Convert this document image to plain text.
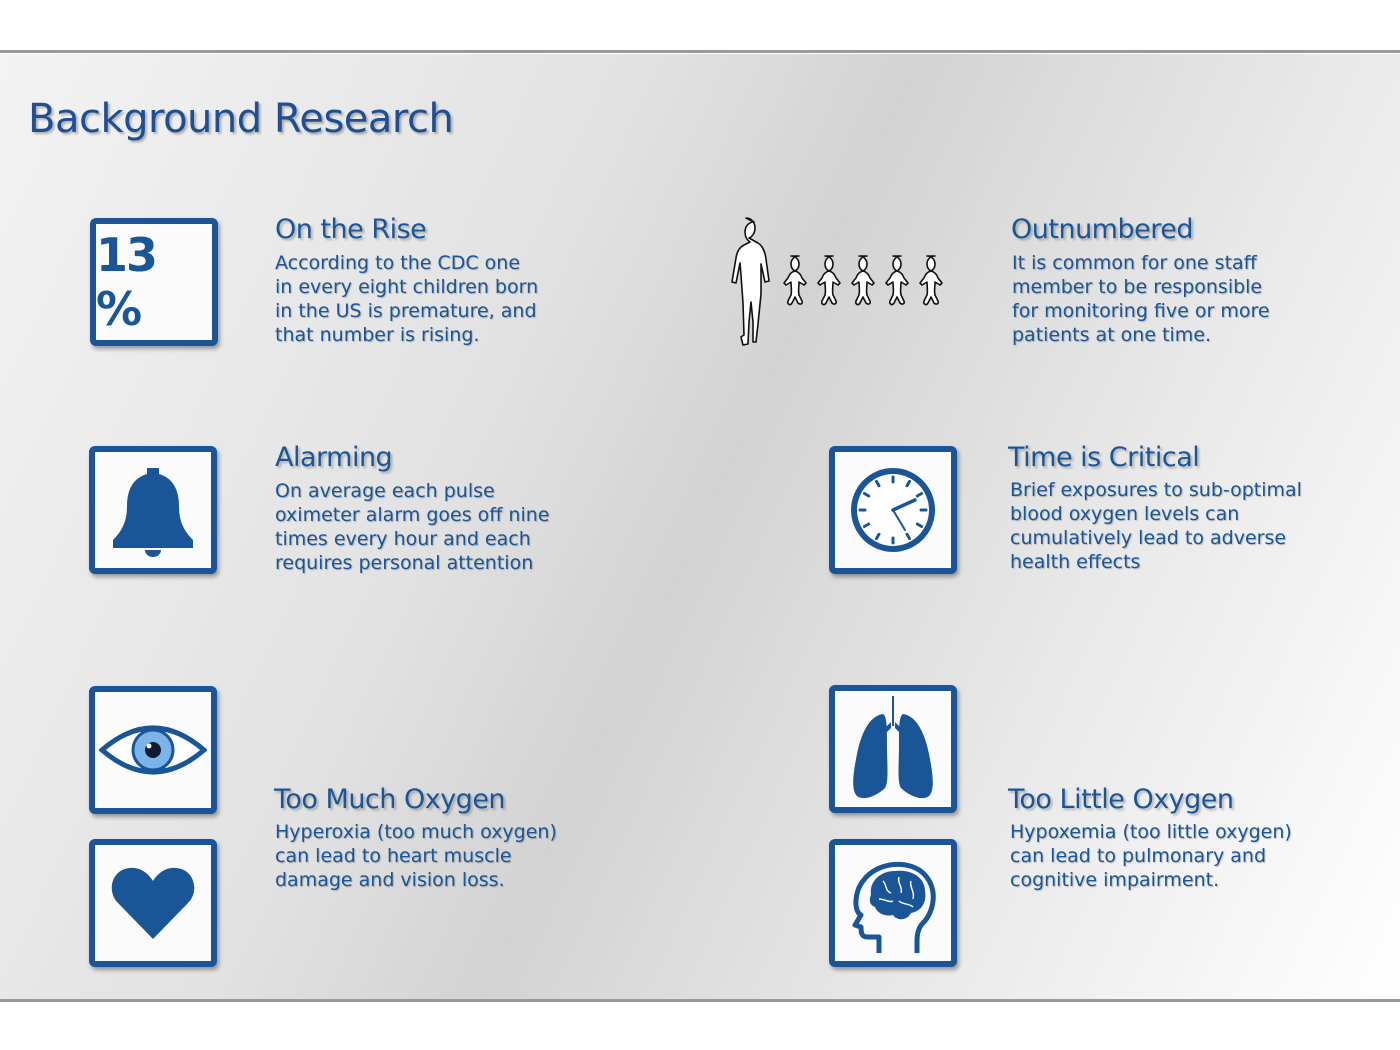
Background Research
13 %
On the Rise
According to the CDC one
in every eight children born
in the US is premature, and
that number is rising.
Outnumbered
It is common for one staff
member to be responsible
for monitoring five or more
patients at one time.
Alarming
On average each pulse
oximeter alarm goes off nine
times every hour and each
requires personal attention
Time is Critical
Brief exposures to sub-optimal
blood oxygen levels can
cumulatively lead to adverse
health effects
Too Much Oxygen
Hyperoxia (too much oxygen)
can lead to heart muscle
damage and vision loss.
Too Little Oxygen
Hypoxemia (too little oxygen)
can lead to pulmonary and
cognitive impairment.
